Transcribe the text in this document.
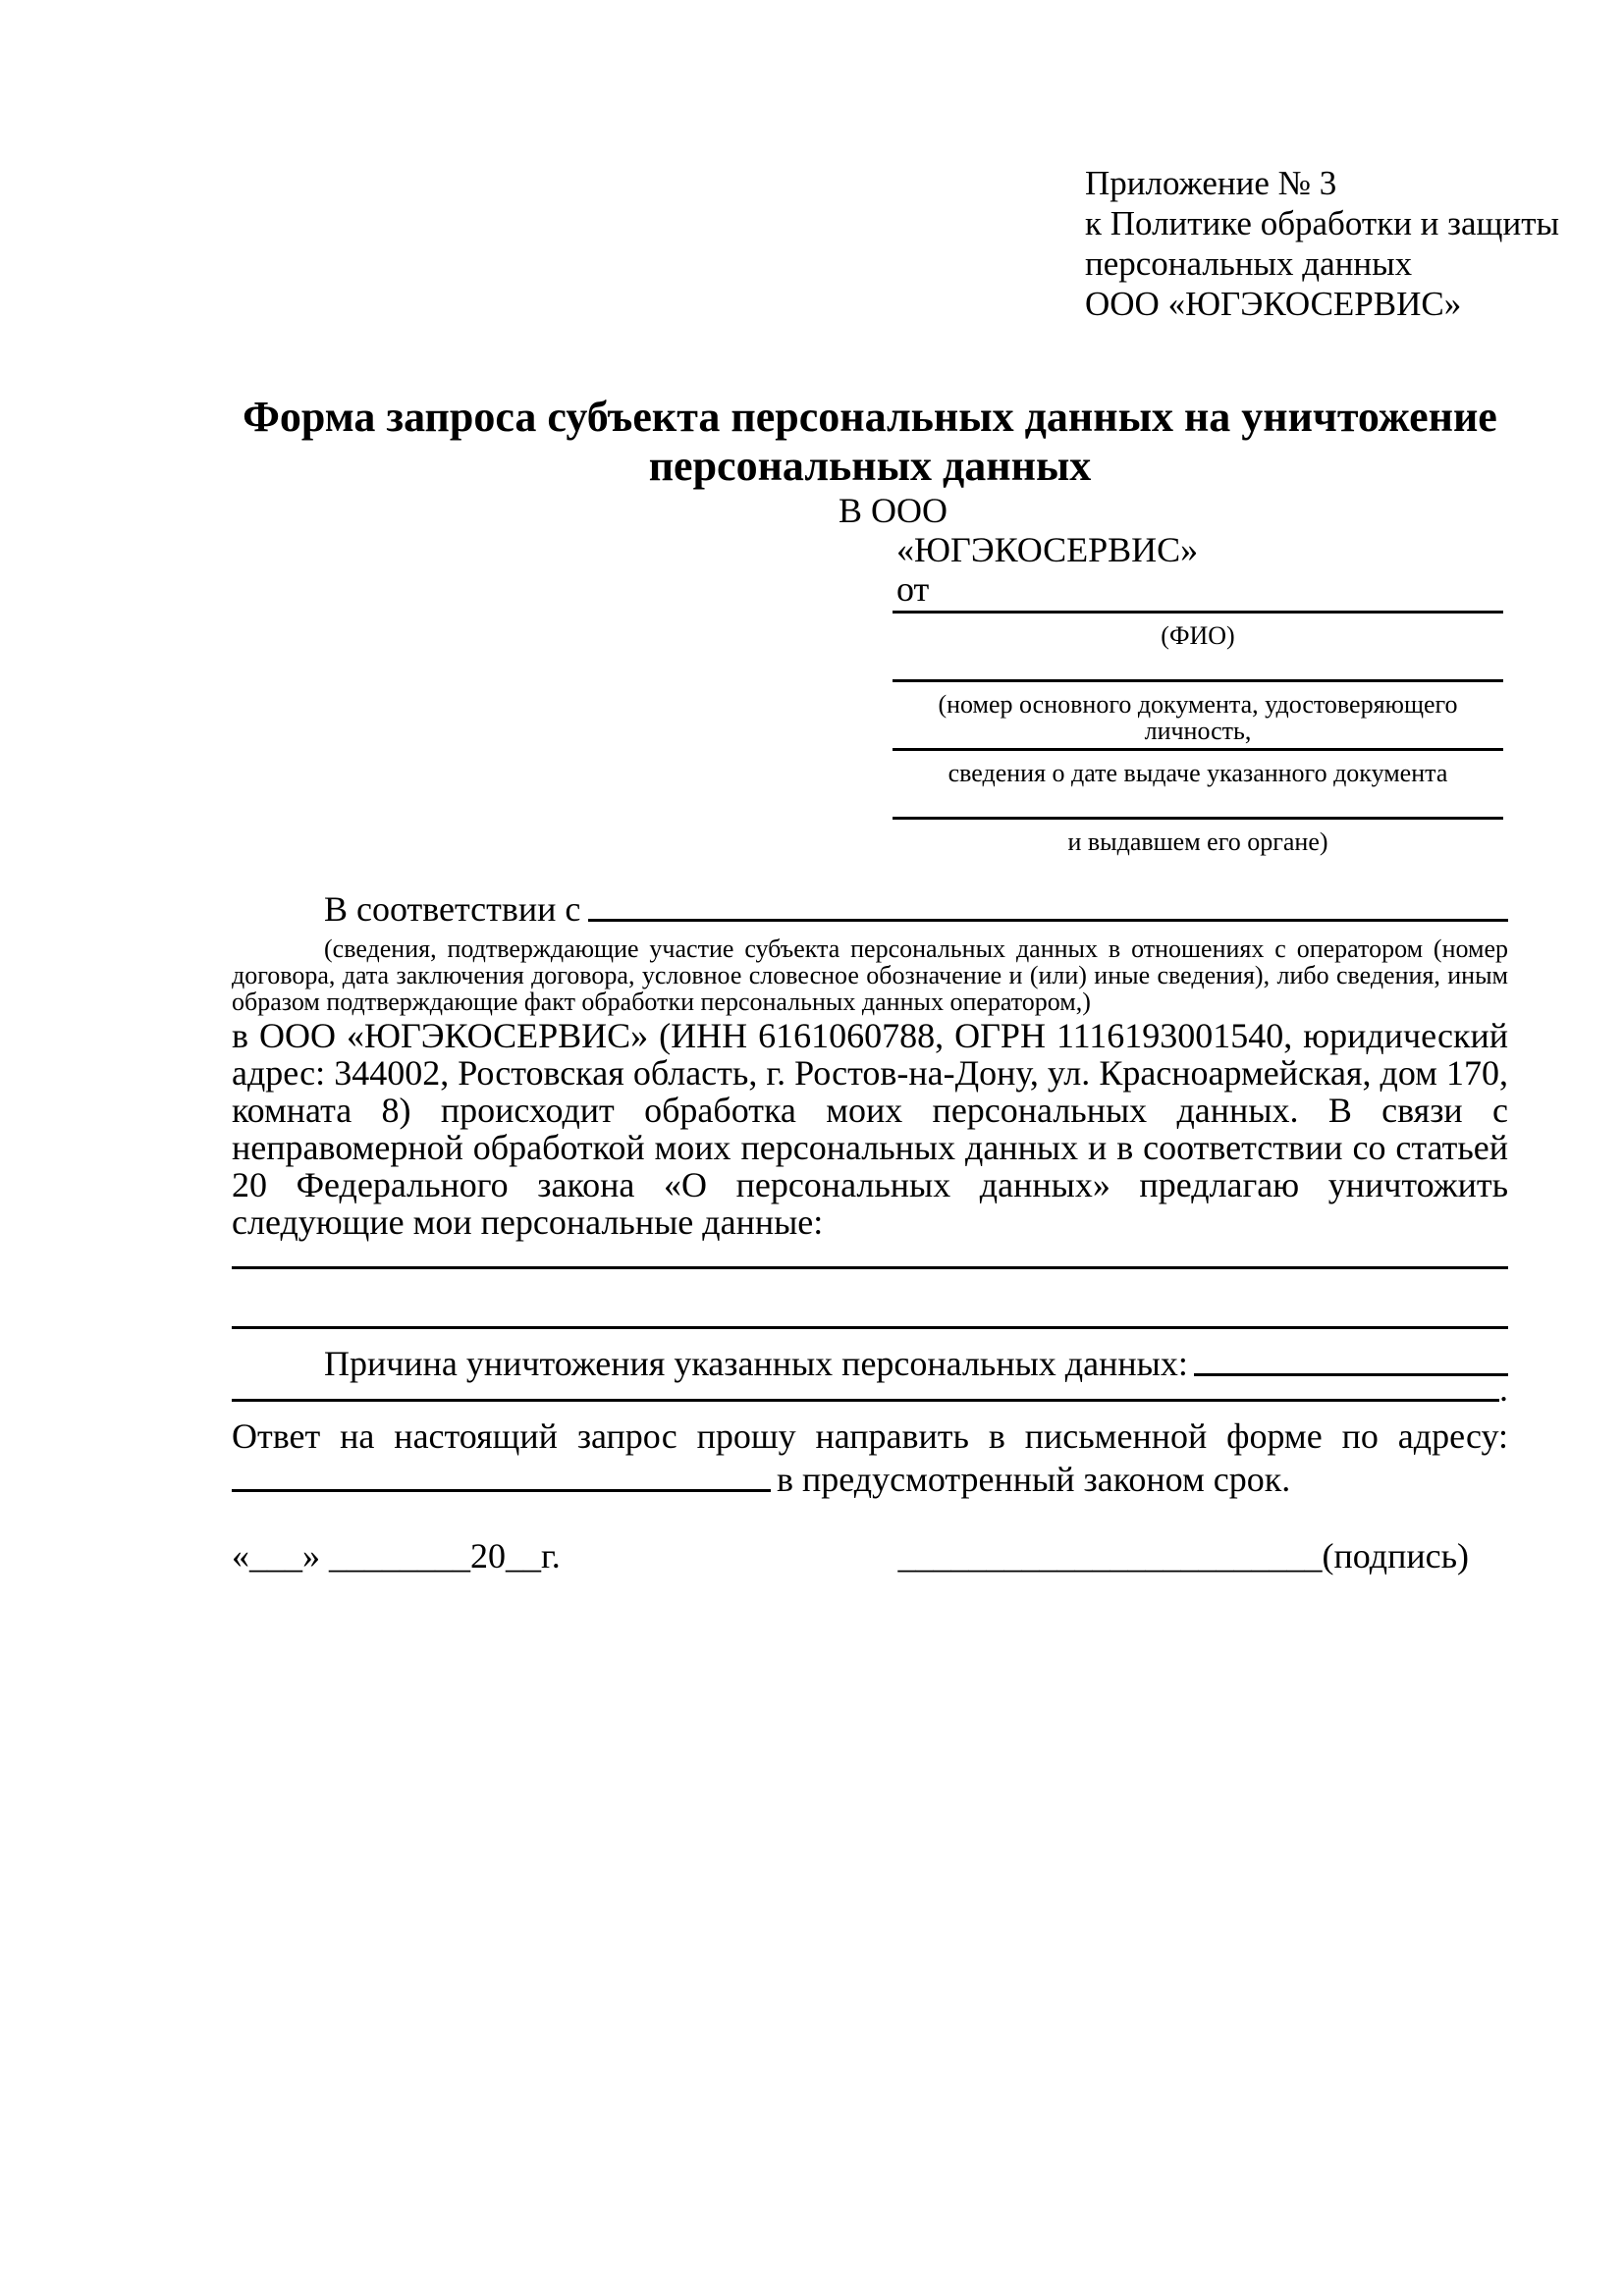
Приложение № 3
к Политике обработки и защиты
персональных данных
ООО «ЮГЭКОСЕРВИС»
Форма запроса субъекта персональных данных на уничтожение
персональных данных
В ООО
«ЮГЭКОСЕРВИС»
от
(ФИО)
(номер основного документа, удостоверяющего личность,
сведения о дате выдаче указанного документа
и выдавшем его органе)
В соответствии с

(сведения, подтверждающие участие субъекта персональных данных в отношениях с оператором (номер договора, дата заключения договора, условное словесное обозначение и (или) иные сведения), либо сведения, иным образом подтверждающие факт обработки персональных данных оператором,)

в ООО «ЮГЭКОСЕРВИС» (ИНН 6161060788, ОГРН 1116193001540, юридический адрес: 344002, Ростовская область, г. Ростов-на-Дону, ул. Красноармейская, дом 170, комната 8) происходит обработка моих персональных данных. В связи с неправомерной обработкой моих персональных данных и в соответствии со статьей 20 Федерального закона «О персональных данных» предлагаю уничтожить следующие мои персональные данные:

Причина уничтожения указанных персональных данных:
.

Ответ на настоящий запрос прошу направить в письменной форме по адресу:

в предусмотренный законом срок.
«___» ________20__г.	________________________(подпись)
